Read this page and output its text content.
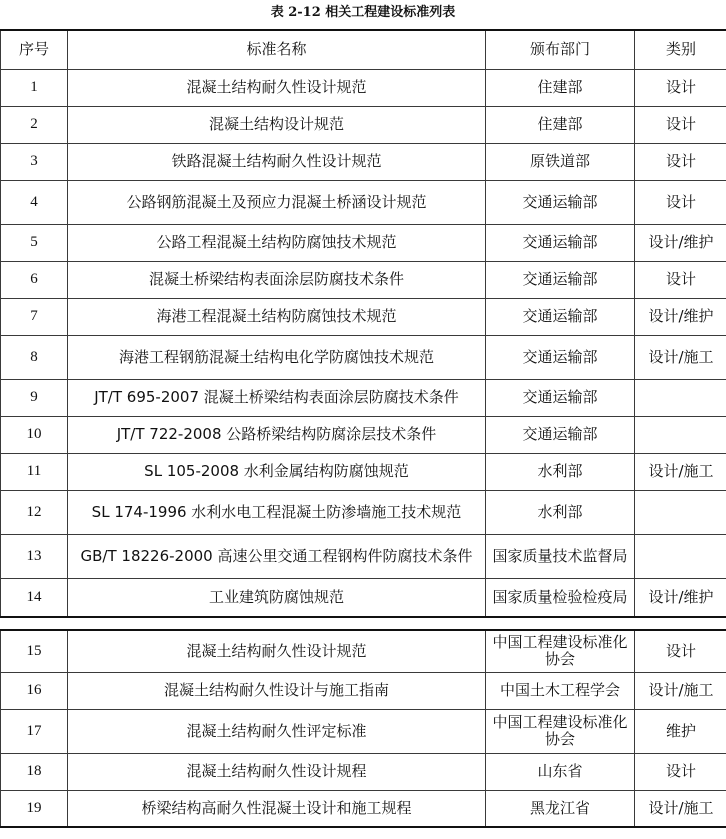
表 2-12 相关工程建设标准列表
序号	标准名称	颁布部门	类别
1	混凝土结构耐久性设计规范	住建部	设计
2	混凝土结构设计规范	住建部	设计
3	铁路混凝土结构耐久性设计规范	原铁道部	设计
4	公路钢筋混凝土及预应力混凝土桥涵设计规范	交通运输部	设计
5	公路工程混凝土结构防腐蚀技术规范	交通运输部	设计/维护
6	混凝土桥梁结构表面涂层防腐技术条件	交通运输部	设计
7	海港工程混凝土结构防腐蚀技术规范	交通运输部	设计/维护
8	海港工程钢筋混凝土结构电化学防腐蚀技术规范	交通运输部	设计/施工
9	JT/T 695-2007 混凝土桥梁结构表面涂层防腐技术条件	交通运输部	
10	JT/T 722-2008 公路桥梁结构防腐涂层技术条件	交通运输部	
11	SL 105-2008 水利金属结构防腐蚀规范	水利部	设计/施工
12	SL 174-1996 水利水电工程混凝土防渗墙施工技术规范	水利部	
13	GB/T 18226-2000 高速公里交通工程钢构件防腐技术条件	国家质量技术监督局	
14	工业建筑防腐蚀规范	国家质量检验检疫局	设计/维护
15	混凝土结构耐久性设计规范	中国工程建设标准化协会	设计
16	混凝土结构耐久性设计与施工指南	中国土木工程学会	设计/施工
17	混凝土结构耐久性评定标准	中国工程建设标准化协会	维护
18	混凝土结构耐久性设计规程	山东省	设计
19	桥梁结构高耐久性混凝土设计和施工规程	黑龙江省	设计/施工
